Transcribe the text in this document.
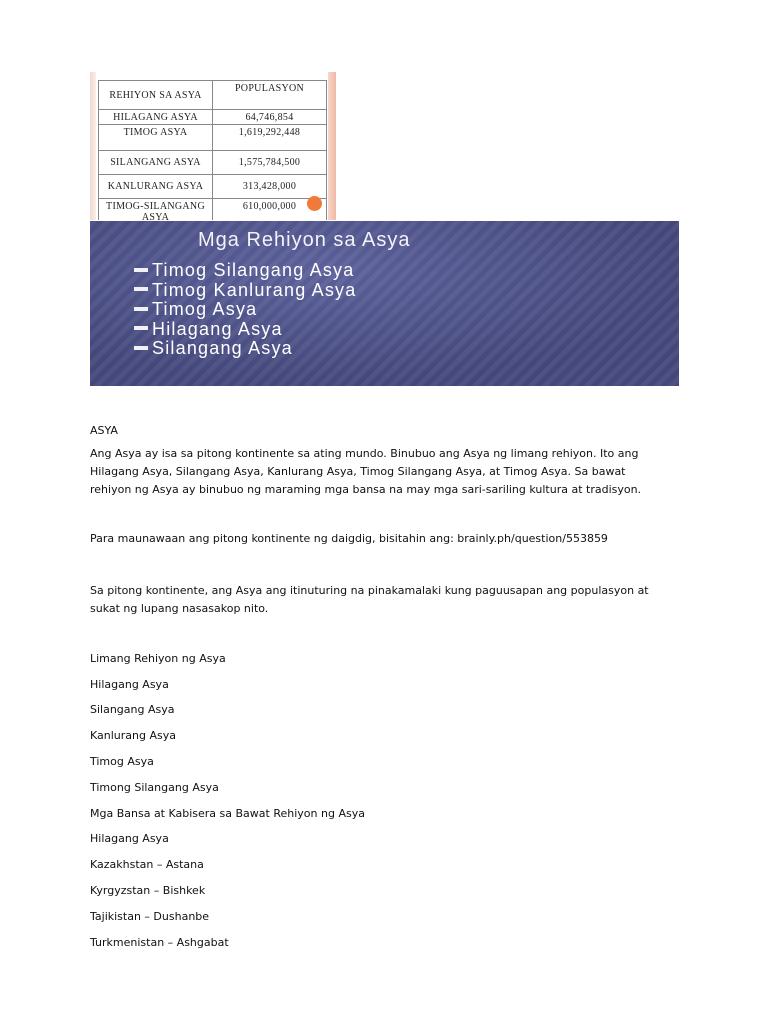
REHIYON SA ASYA	POPULASYON
HILAGANG ASYA	64,746,854
TIMOG ASYA	1,619,292,448
SILANGANG ASYA	1,575,784,500
KANLURANG ASYA	313,428,000
TIMOG-SILANGANG ASYA	610,000,000
Mga Rehiyon sa Asya
Timog Silangang Asya
Timog Kanlurang Asya
Timog Asya
Hilagang Asya
Silangang Asya
ASYA
Ang Asya ay isa sa pitong kontinente sa ating mundo. Binubuo ang Asya ng limang rehiyon. Ito ang Hilagang Asya, Silangang Asya, Kanlurang Asya, Timog Silangang Asya, at Timog Asya. Sa bawat rehiyon ng Asya ay binubuo ng maraming mga bansa na may mga sari-sariling kultura at tradisyon.
Para maunawaan ang pitong kontinente ng daigdig, bisitahin ang: brainly.ph/question/553859
Sa pitong kontinente, ang Asya ang itinuturing na pinakamalaki kung paguusapan ang populasyon at sukat ng lupang nasasakop nito.
Limang Rehiyon ng Asya
Hilagang Asya
Silangang Asya
Kanlurang Asya
Timog Asya
Timong Silangang Asya
Mga Bansa at Kabisera sa Bawat Rehiyon ng Asya
Hilagang Asya
Kazakhstan – Astana
Kyrgyzstan – Bishkek
Tajikistan – Dushanbe
Turkmenistan – Ashgabat
